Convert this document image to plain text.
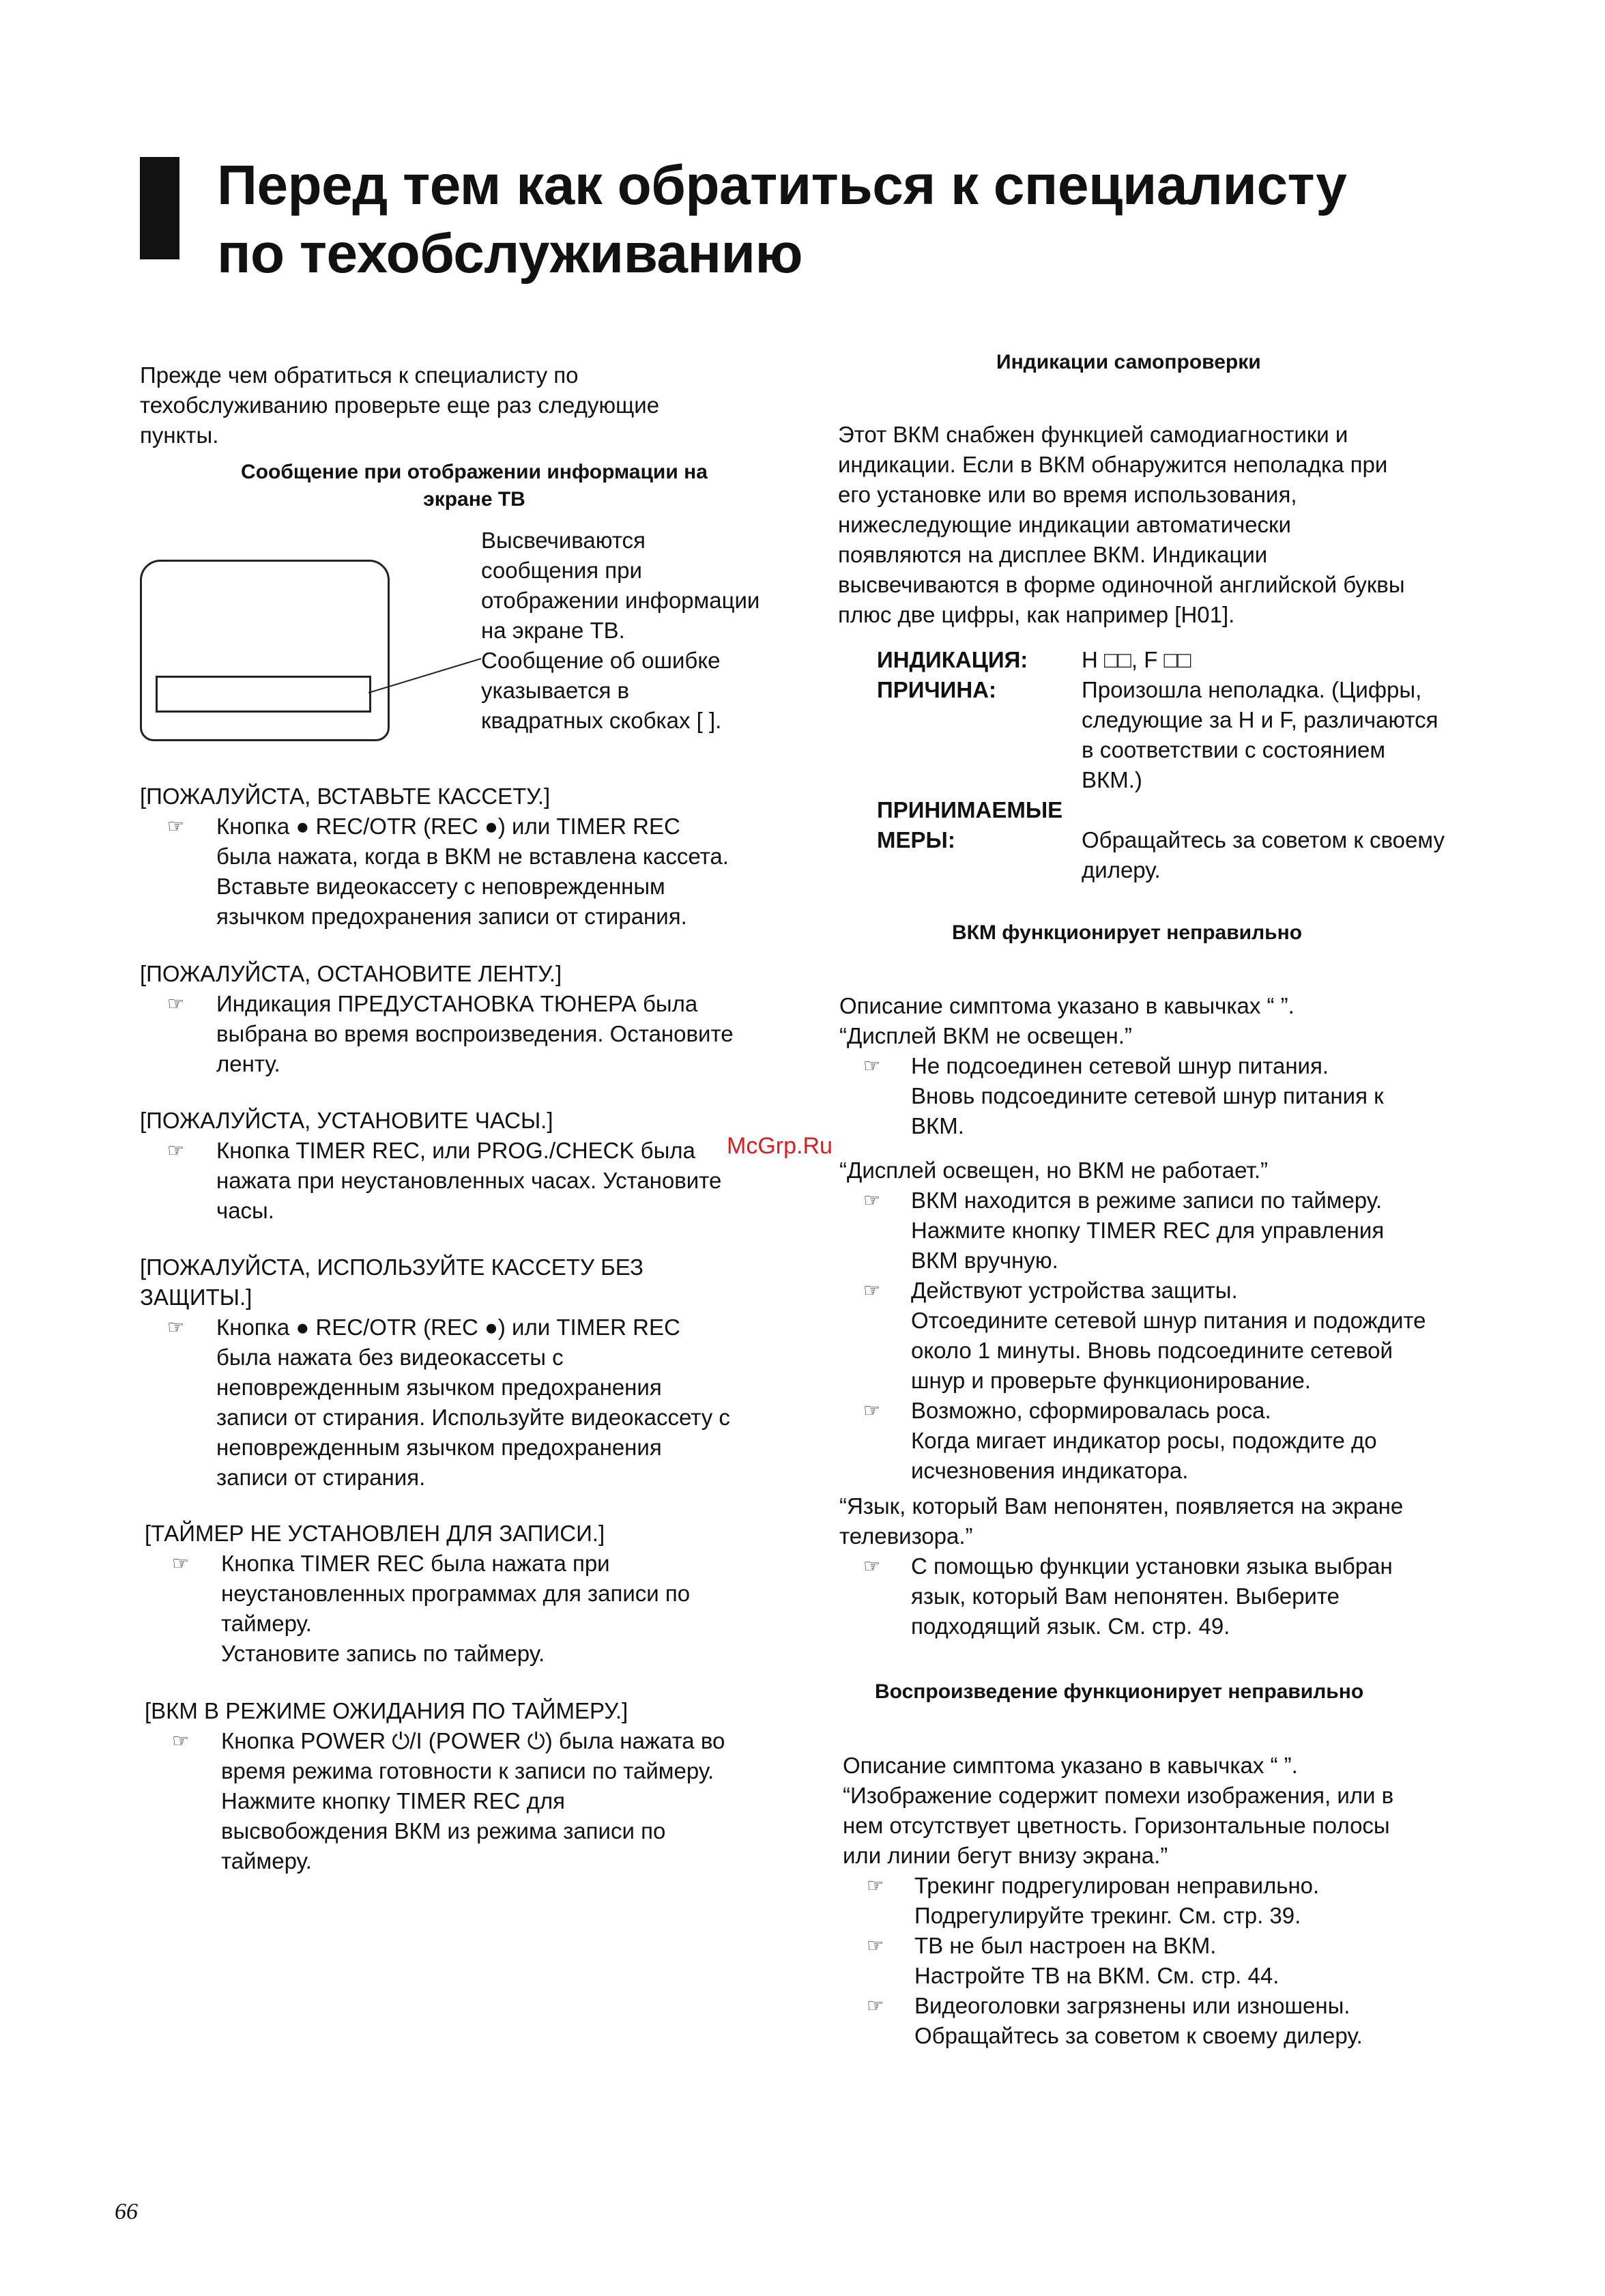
Перед тем как обратиться к специалисту
по техобслуживанию
Прежде чем обратиться к специалисту по
техобслуживанию проверьте еще раз следующие
пункты.
Сообщение при отображении информации на
экране ТВ
Высвечиваются
сообщения при
отображении информации
на экране ТВ.
Сообщение об ошибке
указывается в
квадратных скобках [ ].
[ПОЖАЛУЙСТА, ВСТАВЬТЕ КАССЕТУ.]
☞	Кнопка ● REC/OTR (REC ●) или TIMER REC
была нажата, когда в ВКМ не вставлена кассета.
Вставьте видеокассету с неповрежденным
язычком предохранения записи от стирания.
[ПОЖАЛУЙСТА, ОСТАНОВИТЕ ЛЕНТУ.]
☞	Индикация ПРЕДУСТАНОВКА ТЮНЕРА была
выбрана во время воспроизведения. Остановите
ленту.
[ПОЖАЛУЙСТА, УСТАНОВИТЕ ЧАСЫ.]
☞	Кнопка TIMER REC, или PROG./CHECK была
нажата при неустановленных часах. Установите
часы.
[ПОЖАЛУЙСТА, ИСПОЛЬЗУЙТЕ КАССЕТУ БЕЗ
ЗАЩИТЫ.]
☞	Кнопка ● REC/OTR (REC ●) или TIMER REC
была нажата без видеокассеты с
неповрежденным язычком предохранения
записи от стирания. Используйте видеокассету с
неповрежденным язычком предохранения
записи от стирания.
[ТАЙМЕР НЕ УСТАНОВЛЕН ДЛЯ ЗАПИСИ.]
☞	Кнопка TIMER REC была нажата при
неустановленных программах для записи по
таймеру.
Установите запись по таймеру.
[ВКМ В РЕЖИМЕ ОЖИДАНИЯ ПО ТАЙМЕРУ.]
☞	Кнопка POWER ⏻/I (POWER ⏻) была нажата во
время режима готовности к записи по таймеру.
Нажмите кнопку TIMER REC для
высвобождения ВКМ из режима записи по
таймеру.
Индикации самопроверки
Этот ВКМ снабжен функцией самодиагностики и
индикации. Если в ВКМ обнаружится неполадка при
его установке или во время использования,
нижеследующие индикации автоматически
появляются на дисплее ВКМ. Индикации
высвечиваются в форме одиночной английской буквы
плюс две цифры, как например [H01].
ИНДИКАЦИЯ:	H □□, F □□
ПРИЧИНА:	Произошла неполадка. (Цифры,
следующие за H и F, различаются
в соответствии с состоянием
ВКМ.)
ПРИНИМАЕМЫЕ МЕРЫ:	Обращайтесь за советом к своему
дилеру.
ВКМ функционирует неправильно
Описание симптома указано в кавычках “ ”.
“Дисплей ВКМ не освещен.”
☞	Не подсоединен сетевой шнур питания.
Вновь подсоедините сетевой шнур питания к
ВКМ.
“Дисплей освещен, но ВКМ не работает.”
☞	ВКМ находится в режиме записи по таймеру.
Нажмите кнопку TIMER REC для управления
ВКМ вручную.
☞	Действуют устройства защиты.
Отсоедините сетевой шнур питания и подождите
около 1 минуты. Вновь подсоедините сетевой
шнур и проверьте функционирование.
☞	Возможно, сформировалась роса.
Когда мигает индикатор росы, подождите до
исчезновения индикатора.
“Язык, который Вам непонятен, появляется на экране
телевизора.”
☞	С помощью функции установки языка выбран
язык, который Вам непонятен. Выберите
подходящий язык. См. стр. 49.
Воспроизведение функционирует неправильно
Описание симптома указано в кавычках “ ”.
“Изображение содержит помехи изображения, или в
нем отсутствует цветность. Горизонтальные полосы
или линии бегут внизу экрана.”
☞	Трекинг подрегулирован неправильно.
Подрегулируйте трекинг. См. стр. 39.
☞	ТВ не был настроен на ВКМ.
Настройте ТВ на ВКМ. См. стр. 44.
☞	Видеоголовки загрязнены или изношены.
Обращайтесь за советом к своему дилеру.
McGrp.Ru
66
